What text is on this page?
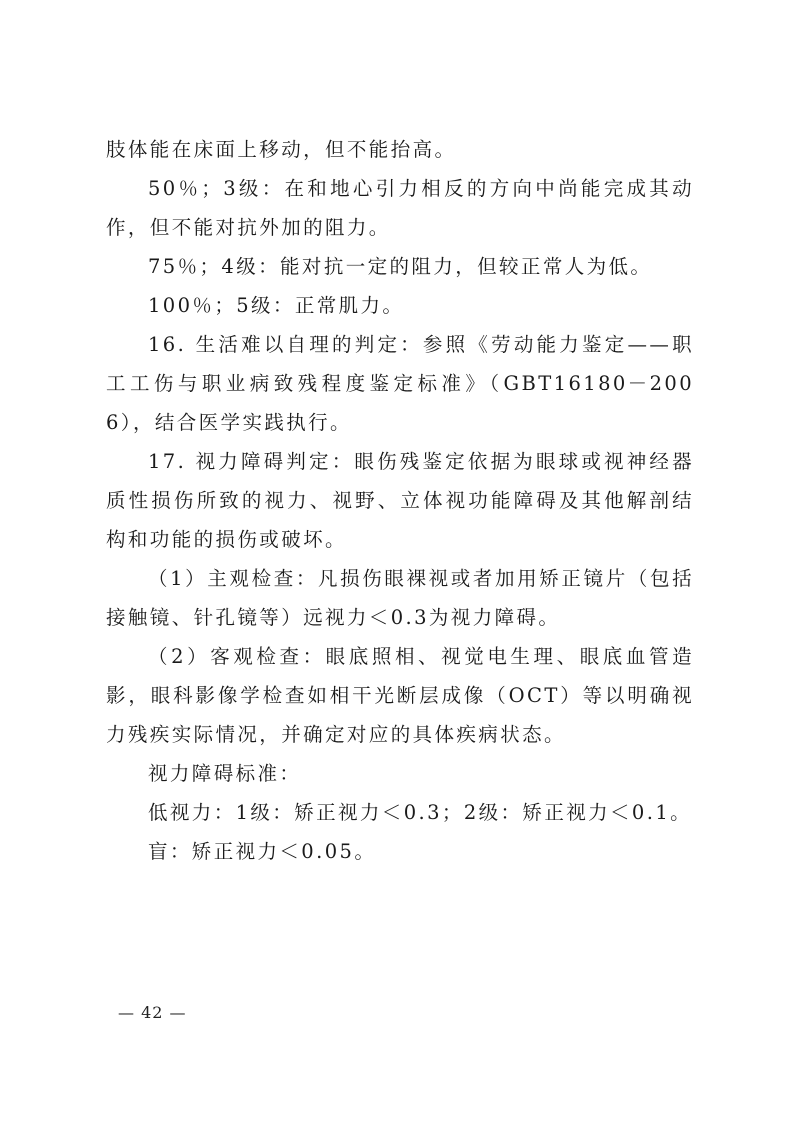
肢体能在床面上移动，但不能抬高。

50％；3级：在和地心引力相反的方向中尚能完成其动作，但不能对抗外加的阻力。

75％；4级：能对抗一定的阻力，但较正常人为低。

100％；5级：正常肌力。

16. 生活难以自理的判定：参照《劳动能力鉴定——职工工伤与职业病致残程度鉴定标准》（GBT16180－2006），结合医学实践执行。

17. 视力障碍判定：眼伤残鉴定依据为眼球或视神经器质性损伤所致的视力、视野、立体视功能障碍及其他解剖结构和功能的损伤或破坏。

（1）主观检查：凡损伤眼裸视或者加用矫正镜片（包括接触镜、针孔镜等）远视力＜0.3为视力障碍。

（2）客观检查：眼底照相、视觉电生理、眼底血管造影，眼科影像学检查如相干光断层成像（OCT）等以明确视力残疾实际情况，并确定对应的具体疾病状态。

视力障碍标准：

低视力：1级：矫正视力＜0.3；2级：矫正视力＜0.1。

盲：矫正视力＜0.05。

— 42 —
